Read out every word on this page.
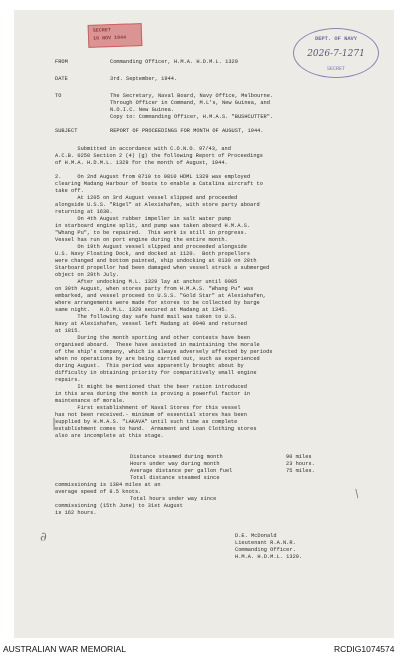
SECRET
10 NOV 1944	DEPT. OF NAVY
2026-7-1271
SECRET
FROM	Commanding Officer, H.M.A. H.D.M.L. 1329
DATE	3rd. September, 1944.
TO	The Secretary, Naval Board, Navy Office, Melbourne.
Through Officer in Command, M.L's, New Guinea, and
N.O.I.C. New Guinea.
Copy to: Commanding Officer, H.M.A.S. "BUSHCUTTER".
SUBJECT	REPORT OF PROCEEDINGS FOR MONTH OF AUGUST, 1944.
Submitted in accordance with C.O.N.O. 97/43, and
A.C.B. 0250 Section 2 (4) (g) the following Report of Proceedings
of H.M.A. H.D.M.L. 1329 for the month of August, 1944.
2.     On 2nd August from 0710 to 0810 HDML 1329 was employed
clearing Madang Harbour of boats to enable a Catalina aircraft to
take off.
At 1205 on 3rd August vessel slipped and proceeded
alongside U.S.S. "Rigel" at Alexishafen, with store party aboard
returning at 1630.
On 4th August rubber impeller in salt water pump
in starboard engine split, and pump was taken aboard H.M.A.S.
"Whang Pu", to be repaired.  This work is still in progress.
Vessel has run on port engine during the entire month.
On 19th August vessel slipped and proceeded alongside
U.S. Navy Floating Dock, and docked at 1120.  Both propellors
were changed and bottom painted, ship undocking at 0130 on 20th
Starboard propellor had been damaged when vessel struck a submerged
object on 28th July.
After undocking M.L. 1329 lay at anchor until 0905
on 30th August, when stores party from H.M.A.S. "Whang Pu" was
embarked, and vessel proceed to U.S.S. "Gold Star" at Alexishafen,
where arrangements were made for stores to be collected by barge
same night.   H.D.M.L. 1329 secured at Madang at 1345.
The following day safe hand mail was taken to U.S.
Navy at Alexishafen, vessel left Madang at 0940 and returned
at 1815.
During the month sporting and other contests have been
organised aboard.  These have assisted in maintaining the morale
of the ship's company, which is always adversely affected by periods
when no operations by are being carried out, such as experienced
during August.  This period was apparently brought about by
difficulty in obtaining priority for comparitively small engine
repairs.
It might be mentioned that the beer ration introduced
in this area during the month is proving a powerful factor in
maintenance of morale.
First establishment of Naval Stores for this vessel
has not been received.- minimum of essential stores has been
supplied by H.M.A.S. "LAKAVA" until such time as complete
establishment comes to hand.  Armament and Loan Clothing stores
also are incomplete at this stage.
Distance steamed during month	90 miles
Hours under way during month	23 hours.
Average distance per gallon fuel	75 miles.
Total distance steamed since
commissioning is 1384 miles at an
average speed of 8.5 knots.
Total hours under way since
commissioning (15th June) to 31st August
is 162 hours.
D.E. McDonald
Lieutenant R.A.N.R.
Commanding Officer.
H.M.A. H.D.M.L. 1329.
∂
|
/
AUSTRALIAN WAR MEMORIAL	RCDIG1074574
